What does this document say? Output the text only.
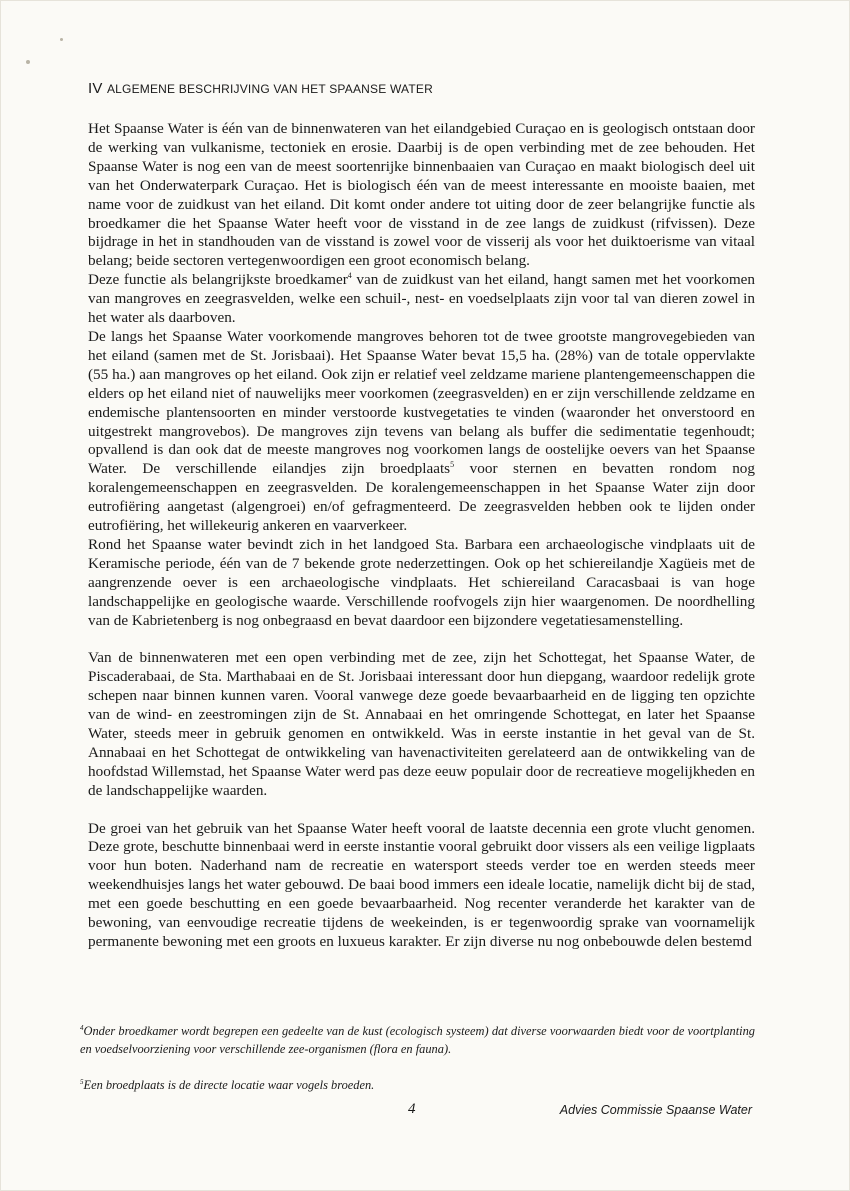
IV ALGEMENE BESCHRIJVING VAN HET SPAANSE WATER

Het Spaanse Water is één van de binnenwateren van het eilandgebied Curaçao en is geologisch ontstaan door de werking van vulkanisme, tectoniek en erosie. Daarbij is de open verbinding met de zee behouden. Het Spaanse Water is nog een van de meest soortenrijke binnenbaaien van Curaçao en maakt biologisch deel uit van het Onderwaterpark Curaçao. Het is biologisch één van de meest interessante en mooiste baaien, met name voor de zuidkust van het eiland. Dit komt onder andere tot uiting door de zeer belangrijke functie als broedkamer die het Spaanse Water heeft voor de visstand in de zee langs de zuidkust (rifvissen). Deze bijdrage in het in standhouden van de visstand is zowel voor de visserij als voor het duiktoerisme van vitaal belang; beide sectoren vertegenwoordigen een groot economisch belang.

Deze functie als belangrijkste broedkamer$^4$ van de zuidkust van het eiland, hangt samen met het voorkomen van mangroves en zeegrasvelden, welke een schuil-, nest- en voedselplaats zijn voor tal van dieren zowel in het water als daarboven.

De langs het Spaanse Water voorkomende mangroves behoren tot de twee grootste mangrovegebieden van het eiland (samen met de St. Jorisbaai). Het Spaanse Water bevat 15,5 ha. (28%) van de totale oppervlakte (55 ha.) aan mangroves op het eiland. Ook zijn er relatief veel zeldzame mariene plantengemeenschappen die elders op het eiland niet of nauwelijks meer voorkomen (zeegrasvelden) en er zijn verschillende zeldzame en endemische plantensoorten en minder verstoorde kustvegetaties te vinden (waaronder het onverstoord en uitgestrekt mangrovebos). De mangroves zijn tevens van belang als buffer die sedimentatie tegenhoudt; opvallend is dan ook dat de meeste mangroves nog voorkomen langs de oostelijke oevers van het Spaanse Water. De verschillende eilandjes zijn broedplaats$^5$ voor sternen en bevatten rondom nog koralengemeenschappen en zeegrasvelden. De koralengemeenschappen in het Spaanse Water zijn door eutrofiëring aangetast (algengroei) en/of gefragmenteerd. De zeegrasvelden hebben ook te lijden onder eutrofiëring, het willekeurig ankeren en vaarverkeer.

Rond het Spaanse water bevindt zich in het landgoed Sta. Barbara een archaeologische vindplaats uit de Keramische periode, één van de 7 bekende grote nederzettingen. Ook op het schiereilandje Xagüeis met de aangrenzende oever is een archaeologische vindplaats. Het schiereiland Caracasbaai is van hoge landschappelijke en geologische waarde. Verschillende roofvogels zijn hier waargenomen. De noordhelling van de Kabrietenberg is nog onbegraasd en bevat daardoor een bijzondere vegetatiesamenstelling.

Van de binnenwateren met een open verbinding met de zee, zijn het Schottegat, het Spaanse Water, de Piscaderabaai, de Sta. Marthabaai en de St. Jorisbaai interessant door hun diepgang, waardoor redelijk grote schepen naar binnen kunnen varen. Vooral vanwege deze goede bevaarbaarheid en de ligging ten opzichte van de wind- en zeestromingen zijn de St. Annabaai en het omringende Schottegat, en later het Spaanse Water, steeds meer in gebruik genomen en ontwikkeld. Was in eerste instantie in het geval van de St. Annabaai en het Schottegat de ontwikkeling van havenactiviteiten gerelateerd aan de ontwikkeling van de hoofdstad Willemstad, het Spaanse Water werd pas deze eeuw populair door de recreatieve mogelijkheden en de landschappelijke waarden.

De groei van het gebruik van het Spaanse Water heeft vooral de laatste decennia een grote vlucht genomen. Deze grote, beschutte binnenbaai werd in eerste instantie vooral gebruikt door vissers als een veilige ligplaats voor hun boten. Naderhand nam de recreatie en watersport steeds verder toe en werden steeds meer weekendhuisjes langs het water gebouwd. De baai bood immers een ideale locatie, namelijk dicht bij de stad, met een goede beschutting en een goede bevaarbaarheid. Nog recenter veranderde het karakter van de bewoning, van eenvoudige recreatie tijdens de weekeinden, is er tegenwoordig sprake van voornamelijk permanente bewoning met een groots en luxueus karakter. Er zijn diverse nu nog onbebouwde delen bestemd

$^4$Onder broedkamer wordt begrepen een gedeelte van de kust (ecologisch systeem) dat diverse voorwaarden biedt voor de voortplanting en voedselvoorziening voor verschillende zee-organismen (flora en fauna).

$^5$Een broedplaats is de directe locatie waar vogels broeden.

4	Advies Commissie Spaanse Water
